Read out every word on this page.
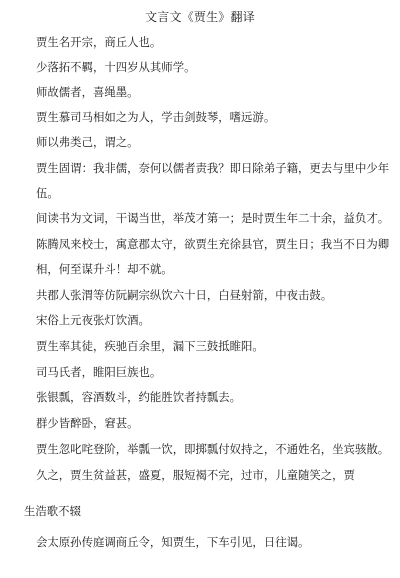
文言文《贾生》翻译
贾生名开宗，商丘人也。
少落拓不羁，十四岁从其师学。
师故儒者，喜绳墨。
贾生慕司马相如之为人，学击剑鼓琴，嗜远游。
师以弗类己，谓之。
贾生固谓：我非儒，奈何以儒者责我？即日除弟子籍，更去与里中少年
伍。
间读书为文词，干谒当世，举茂才第一；是时贾生年二十余，益负才。
陈腾凤来校士，寓意郡太守，欲贾生充徐县官，贾生日；我当不日为卿
相，何至谋升斗！却不就。
共郡人张渭等仿阮嗣宗纵饮六十日，白昼射箭，中夜击鼓。
宋俗上元夜张灯饮酒。
贾生率其徒，疾驰百余里，漏下三鼓抵睢阳。
司马氏者，睢阳巨族也。
张银瓢，容酒数斗，约能胜饮者持瓢去。
群少皆醉卧，窘甚。
贾生忽叱咤登阶，举瓢一饮，即掷瓢付奴持之，不通姓名，坐宾骇散。
久之，贾生贫益甚，盛夏，服短褐不完，过市，儿童随笑之，贾
生浩歌不辍
会太原孙传庭调商丘令，知贾生，下车引见，日往谒。
